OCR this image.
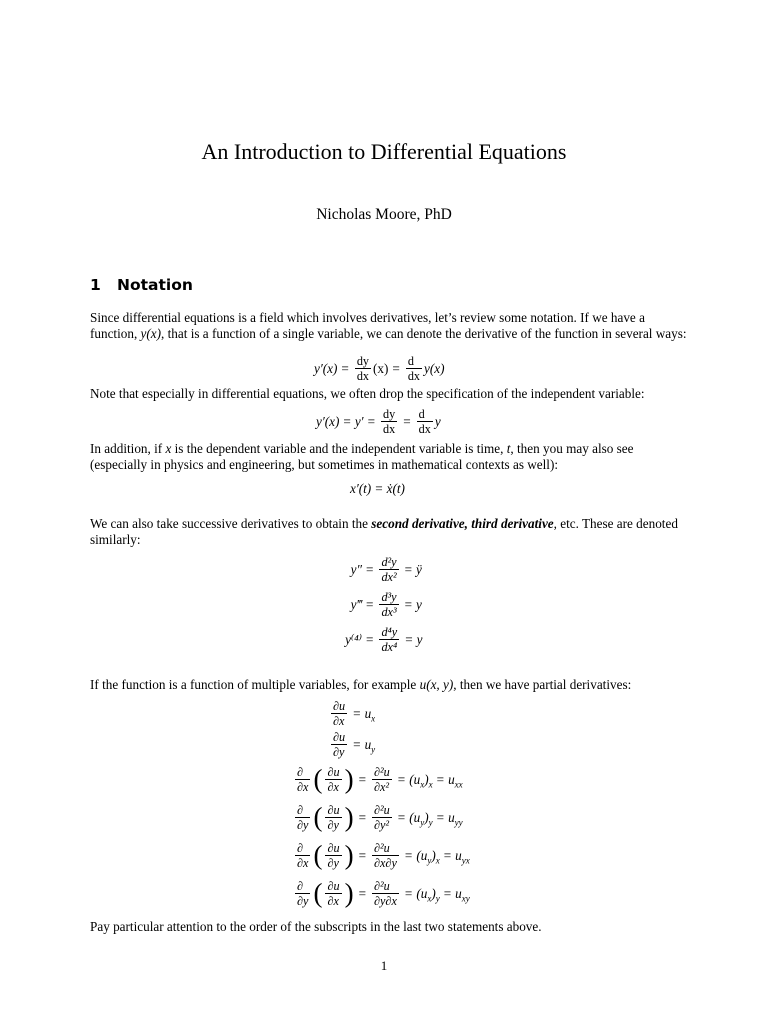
An Introduction to Differential Equations
Nicholas Moore, PhD
1 Notation
Since differential equations is a field which involves derivatives, let’s review some notation. If we have a function, y(x), that is a function of a single variable, we can denote the derivative of the function in several ways:
$y'(x) = \frac{dy}{dx} (x) = \frac{d}{dx} y(x)$
Note that especially in differential equations, we often drop the specification of the independent variable:
$y'(x) = y' = \frac{dy}{dx} = \frac{d}{dx}$ y
In addition, if x is the dependent variable and the independent variable is time, t, then you may also see (especially in physics and engineering, but sometimes in mathematical contexts as well):
x′(t) = ẋ(t)
We can also take successive derivatives to obtain the second derivative, third derivative, etc. These are denoted similarly:
$y'' = \frac{\text{d²y}}{\text{dx²}}$ = ÿ
y‴ = $\frac{\text{d³y}}{\text{dx³}}$ = y⃛
$y^{(4)} = \frac{\text{d⁴y}}{\text{dx⁴}}$ = y⃜
If the function is a function of multiple variables, for example u(x, y), then we have partial derivatives:
$\frac{\partial u}{\partial x} = u_x$
$\frac{\partial u}{\partial y} = u_y$
$\frac{\partial}{\partial x}$ ( $\frac{\partial u}{\partial x}$ ) = $\frac{\text{∂²u}}{\text{∂x²}} = (u_x)_x = u_{xx}$
$\frac{\partial}{\partial y}$ ( $\frac{\partial u}{\partial y}$ ) = $\frac{\text{∂²u}}{\text{∂y²}} = (u_y)_y = u_{yy}$
$\frac{\partial}{\partial x}$ ( $\frac{\partial u}{\partial y}$ ) = $\frac{\text{∂²u}}{\partial x\partial y} = (u_y)_x = u_{yx}$
$\frac{\partial}{\partial y}$ ( $\frac{\partial u}{\partial x}$ ) = $\frac{\text{∂²u}}{\partial y\partial x} = (u_x)_y = u_{xy}$
Pay particular attention to the order of the subscripts in the last two statements above.
1
